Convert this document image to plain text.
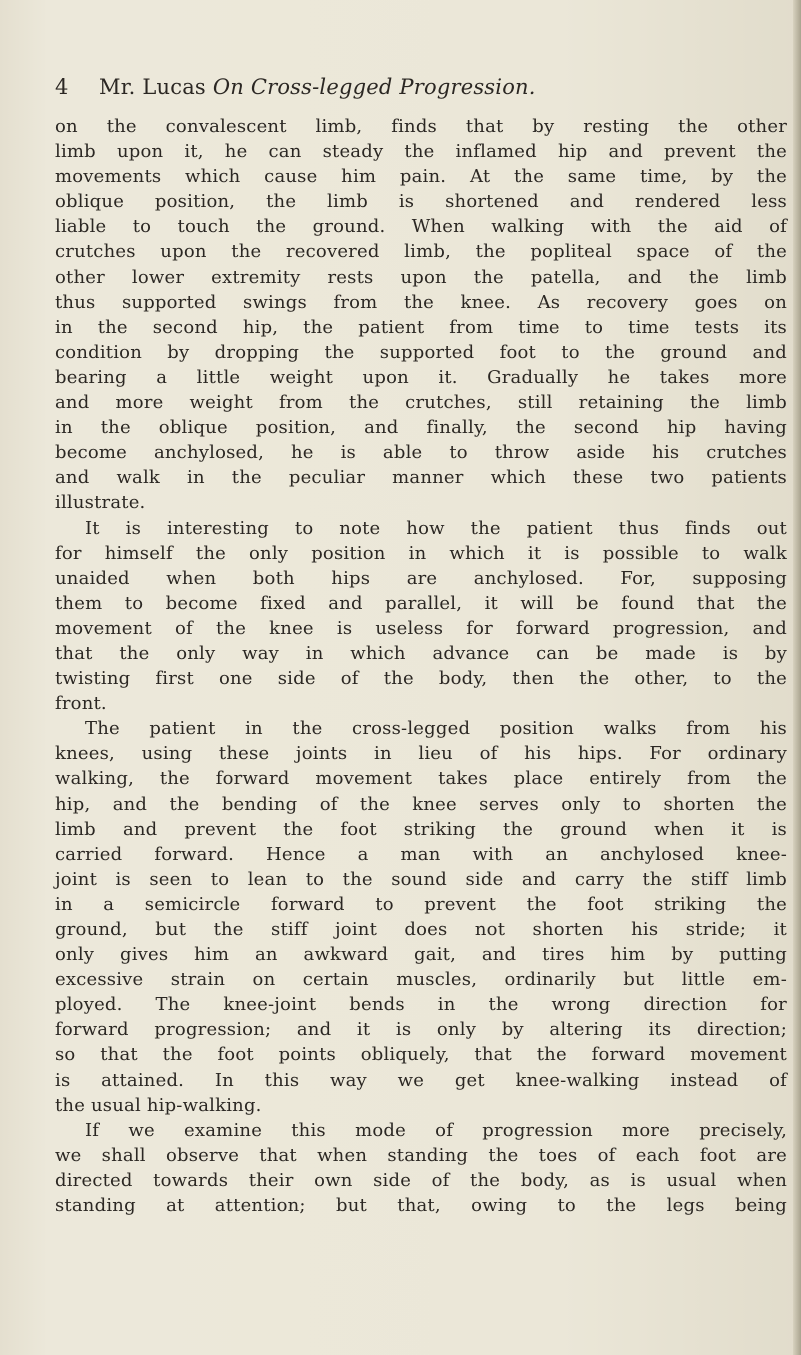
4 Mr. Lucas On Cross-legged Progression.
on the convalescent limb, finds that by resting the other
limb upon it, he can steady the inflamed hip and prevent the
movements which cause him pain. At the same time, by the
oblique position, the limb is shortened and rendered less
liable to touch the ground. When walking with the aid of
crutches upon the recovered limb, the popliteal space of the
other lower extremity rests upon the patella, and the limb
thus supported swings from the knee. As recovery goes on
in the second hip, the patient from time to time tests its
condition by dropping the supported foot to the ground and
bearing a little weight upon it. Gradually he takes more
and more weight from the crutches, still retaining the limb
in the oblique position, and finally, the second hip having
become anchylosed, he is able to throw aside his crutches
and walk in the peculiar manner which these two patients
illustrate.
It is interesting to note how the patient thus finds out
for himself the only position in which it is possible to walk
unaided when both hips are anchylosed. For, supposing
them to become fixed and parallel, it will be found that the
movement of the knee is useless for forward progression, and
that the only way in which advance can be made is by
twisting first one side of the body, then the other, to the
front.
The patient in the cross-legged position walks from his
knees, using these joints in lieu of his hips. For ordinary
walking, the forward movement takes place entirely from the
hip, and the bending of the knee serves only to shorten the
limb and prevent the foot striking the ground when it is
carried forward. Hence a man with an anchylosed knee-
joint is seen to lean to the sound side and carry the stiff limb
in a semicircle forward to prevent the foot striking the
ground, but the stiff joint does not shorten his stride; it
only gives him an awkward gait, and tires him by putting
excessive strain on certain muscles, ordinarily but little em-
ployed. The knee-joint bends in the wrong direction for
forward progression; and it is only by altering its direction;
so that the foot points obliquely, that the forward movement
is attained. In this way we get knee-walking instead of
the usual hip-walking.
If we examine this mode of progression more precisely,
we shall observe that when standing the toes of each foot are
directed towards their own side of the body, as is usual when
standing at attention; but that, owing to the legs being
